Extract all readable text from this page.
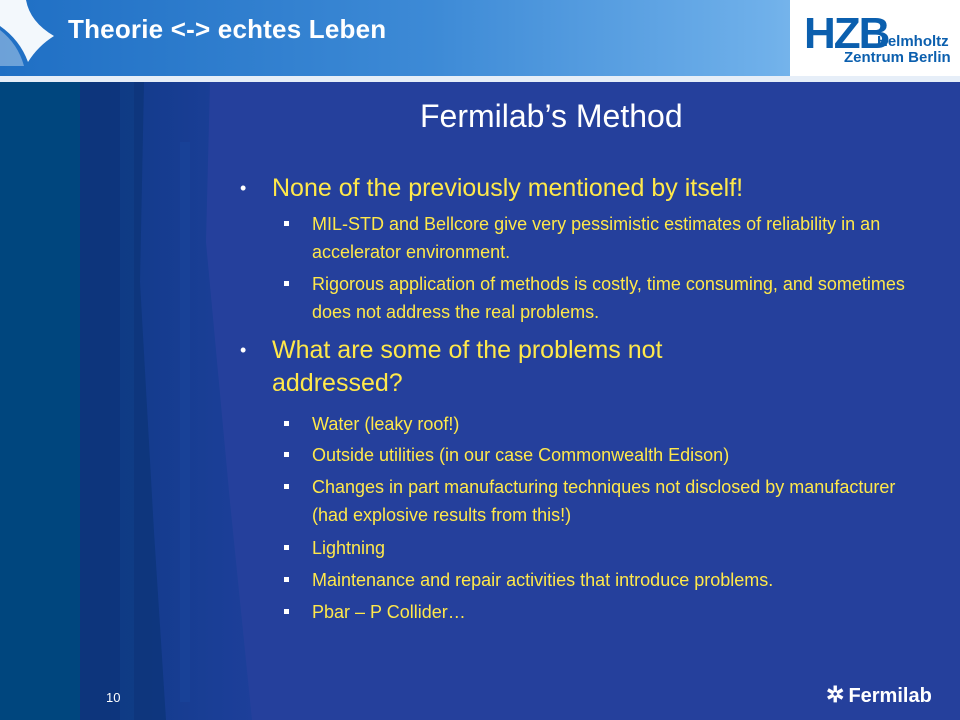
Theorie <-> echtes Leben	HZB
Helmholtz
Zentrum Berlin
Fermilab’s Method
• None of the previously mentioned by itself!
MIL-STD and Bellcore give very pessimistic estimates of reliability in an accelerator environment.
Rigorous application of methods is costly, time consuming, and sometimes does not address the real problems.
• What are some of the problems not addressed?
Water (leaky roof!)
Outside utilities (in our case Commonwealth Edison)
Changes in part manufacturing techniques not disclosed by manufacturer (had explosive results from this!)
Lightning
Maintenance and repair activities that introduce problems.
Pbar – P Collider…
10	✲ Fermilab
